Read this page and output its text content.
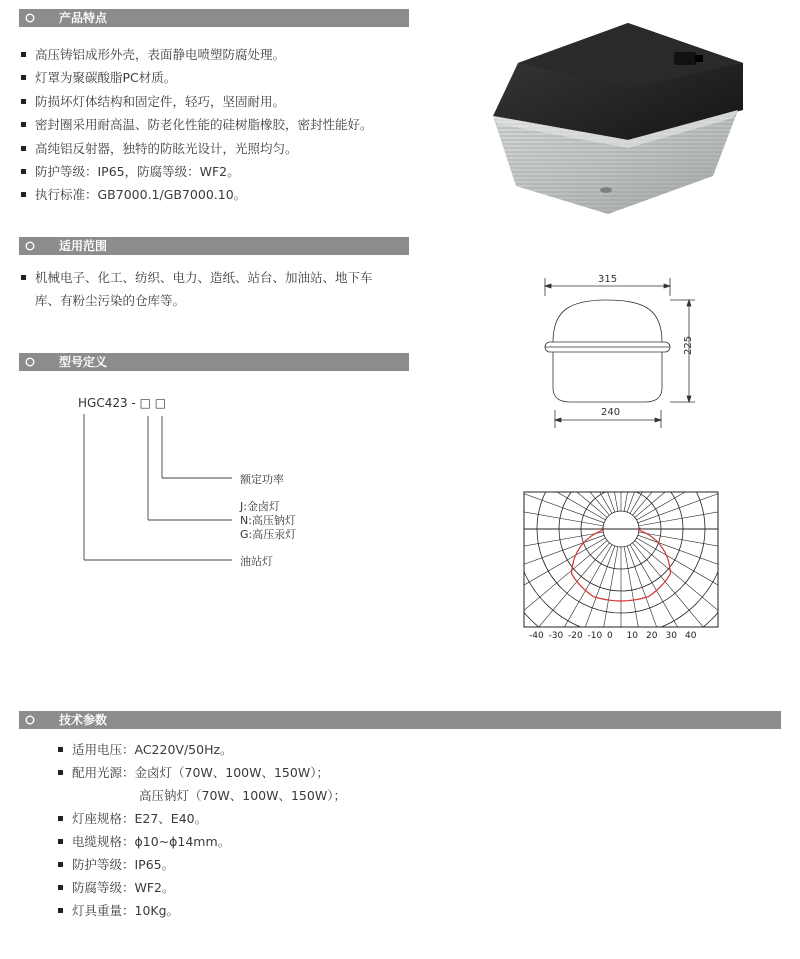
产品特点
高压铸铝成形外壳，表面静电喷塑防腐处理。
灯罩为聚碳酸脂PC材质。
防损坏灯体结构和固定件，轻巧，坚固耐用。
密封圈采用耐高温、防老化性能的硅树脂橡胶，密封性能好。
高纯铝反射器，独特的防眩光设计，光照均匀。
防护等级：IP65，防腐等级：WF2。
执行标准：GB7000.1/GB7000.10。
适用范围
机械电子、化工、纺织、电力、造纸、站台、加油站、地下车
库、有粉尘污染的仓库等。
315
225
240
型号定义
HGC423 - □ □
额定功率
J:金卤灯
N:高压钠灯
G:高压汞灯
油站灯
-40 -30 -20 -10 0 10 20 30 40
技术参数
适用电压：AC220V/50Hz。
配用光源：金卤灯（70W、100W、150W）；
高压钠灯（70W、100W、150W）；
灯座规格：E27、E40。
电缆规格：ϕ10~ϕ14mm。
防护等级：IP65。
防腐等级：WF2。
灯具重量：10Kg。
